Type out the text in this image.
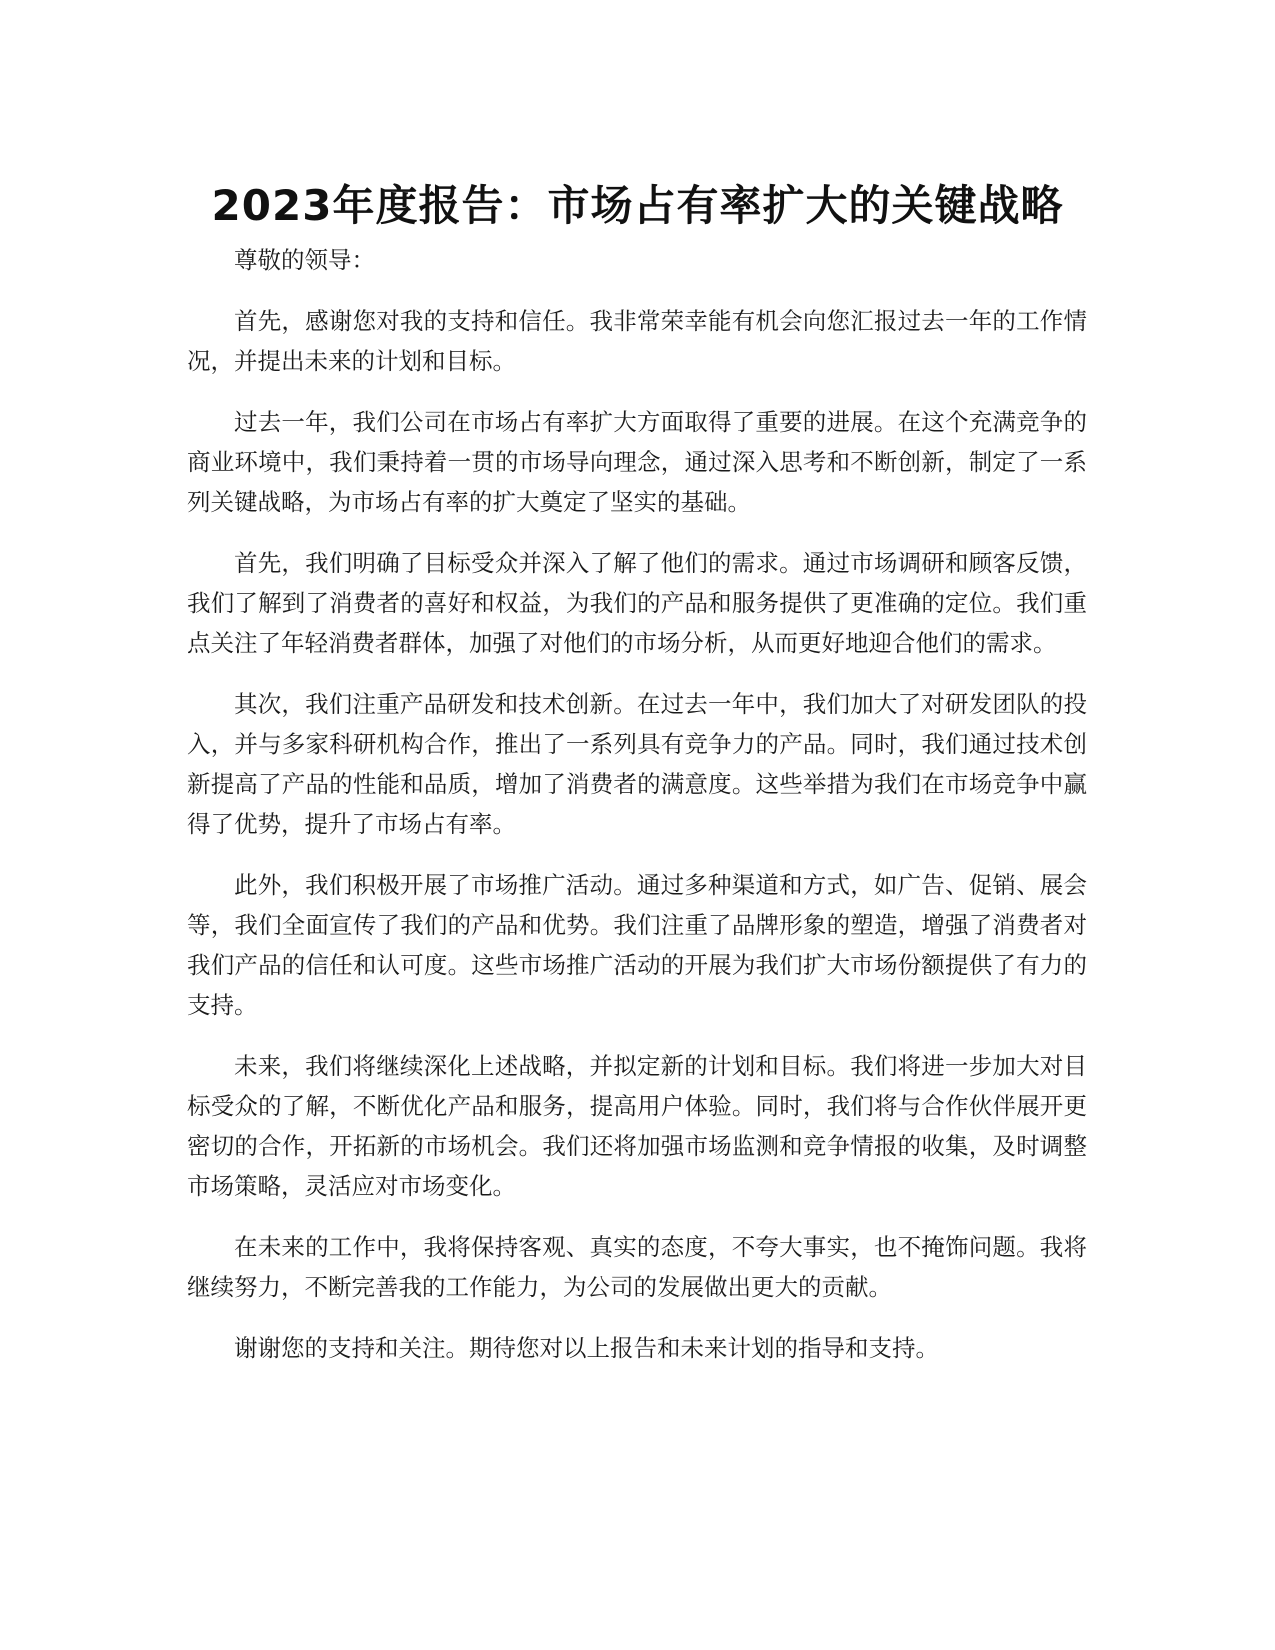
2023年度报告：市场占有率扩大的关键战略

尊敬的领导：

首先，感谢您对我的支持和信任。我非常荣幸能有机会向您汇报过去一年的工作情况，并提出未来的计划和目标。

过去一年，我们公司在市场占有率扩大方面取得了重要的进展。在这个充满竞争的商业环境中，我们秉持着一贯的市场导向理念，通过深入思考和不断创新，制定了一系列关键战略，为市场占有率的扩大奠定了坚实的基础。

首先，我们明确了目标受众并深入了解了他们的需求。通过市场调研和顾客反馈，我们了解到了消费者的喜好和权益，为我们的产品和服务提供了更准确的定位。我们重点关注了年轻消费者群体，加强了对他们的市场分析，从而更好地迎合他们的需求。

其次，我们注重产品研发和技术创新。在过去一年中，我们加大了对研发团队的投入，并与多家科研机构合作，推出了一系列具有竞争力的产品。同时，我们通过技术创新提高了产品的性能和品质，增加了消费者的满意度。这些举措为我们在市场竞争中赢得了优势，提升了市场占有率。

此外，我们积极开展了市场推广活动。通过多种渠道和方式，如广告、促销、展会等，我们全面宣传了我们的产品和优势。我们注重了品牌形象的塑造，增强了消费者对我们产品的信任和认可度。这些市场推广活动的开展为我们扩大市场份额提供了有力的支持。

未来，我们将继续深化上述战略，并拟定新的计划和目标。我们将进一步加大对目标受众的了解，不断优化产品和服务，提高用户体验。同时，我们将与合作伙伴展开更密切的合作，开拓新的市场机会。我们还将加强市场监测和竞争情报的收集，及时调整市场策略，灵活应对市场变化。

在未来的工作中，我将保持客观、真实的态度，不夸大事实，也不掩饰问题。我将继续努力，不断完善我的工作能力，为公司的发展做出更大的贡献。

谢谢您的支持和关注。期待您对以上报告和未来计划的指导和支持。
